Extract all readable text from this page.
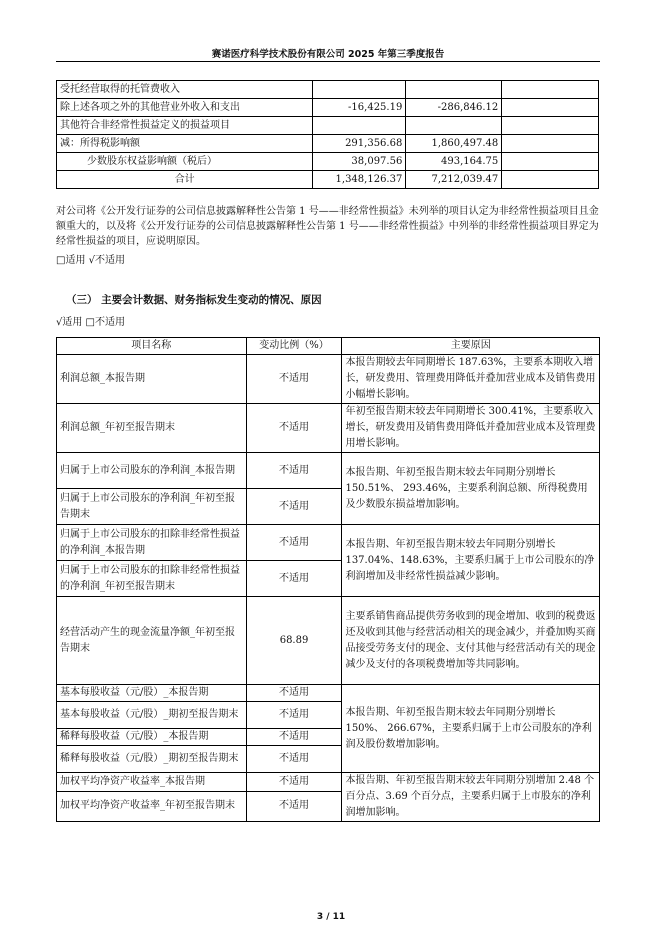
赛诺医疗科学技术股份有限公司 2025 年第三季度报告
受托经营取得的托管费收入			
除上述各项之外的其他营业外收入和支出	-16,425.19	-286,846.12	
其他符合非经常性损益定义的损益项目			
减：所得税影响额	291,356.68	1,860,497.48	
少数股东权益影响额（税后）	38,097.56	493,164.75	
合计	1,348,126.37	7,212,039.47	
对公司将《公开发行证券的公司信息披露解释性公告第 1 号——非经常性损益》未列举的项目认定为非经常性损益项目且金额重大的，以及将《公开发行证券的公司信息披露解释性公告第 1 号——非经常性损益》中列举的非经常性损益项目界定为经常性损益的项目，应说明原因。
□适用 √不适用
（三） 主要会计数据、财务指标发生变动的情况、原因
√适用 □不适用
项目名称	变动比例（%）	主要原因
利润总额_本报告期	不适用	本报告期较去年同期增长 187.63%，主要系本期收入增长，研发费用、管理费用降低并叠加营业成本及销售费用小幅增长影响。
利润总额_年初至报告期末	不适用	年初至报告期末较去年同期增长 300.41%，主要系收入增长，研发费用及销售费用降低并叠加营业成本及管理费用增长影响。
归属于上市公司股东的净利润_本报告期	不适用	本报告期、年初至报告期末较去年同期分别增长 150.51%、 293.46%，主要系利润总额、所得税费用及少数股东损益增加影响。
归属于上市公司股东的净利润_年初至报告期末	不适用	
归属于上市公司股东的扣除非经常性损益的净利润_本报告期	不适用	本报告期、年初至报告期末较去年同期分别增长 137.04%、148.63%，主要系归属于上市公司股东的净利润增加及非经常性损益减少影响。
归属于上市公司股东的扣除非经常性损益的净利润_年初至报告期末	不适用	
经营活动产生的现金流量净额_年初至报告期末	68.89	主要系销售商品提供劳务收到的现金增加、收到的税费返还及收到其他与经营活动相关的现金减少，并叠加购买商品接受劳务支付的现金、支付其他与经营活动有关的现金减少及支付的各项税费增加等共同影响。
基本每股收益（元/股）_本报告期	不适用	本报告期、年初至报告期末较去年同期分别增长 150%、 266.67%，主要系归属于上市公司股东的净利润及股份数增加影响。
基本每股收益（元/股）_期初至报告期末	不适用	
稀释每股收益（元/股）_本报告期	不适用	
稀释每股收益（元/股）_期初至报告期末	不适用	
加权平均净资产收益率_本报告期	不适用	本报告期、年初至报告期末较去年同期分别增加 2.48 个百分点、3.69 个百分点，主要系归属于上市股东的净利润增加影响。
加权平均净资产收益率_年初至报告期末	不适用	
3 / 11
